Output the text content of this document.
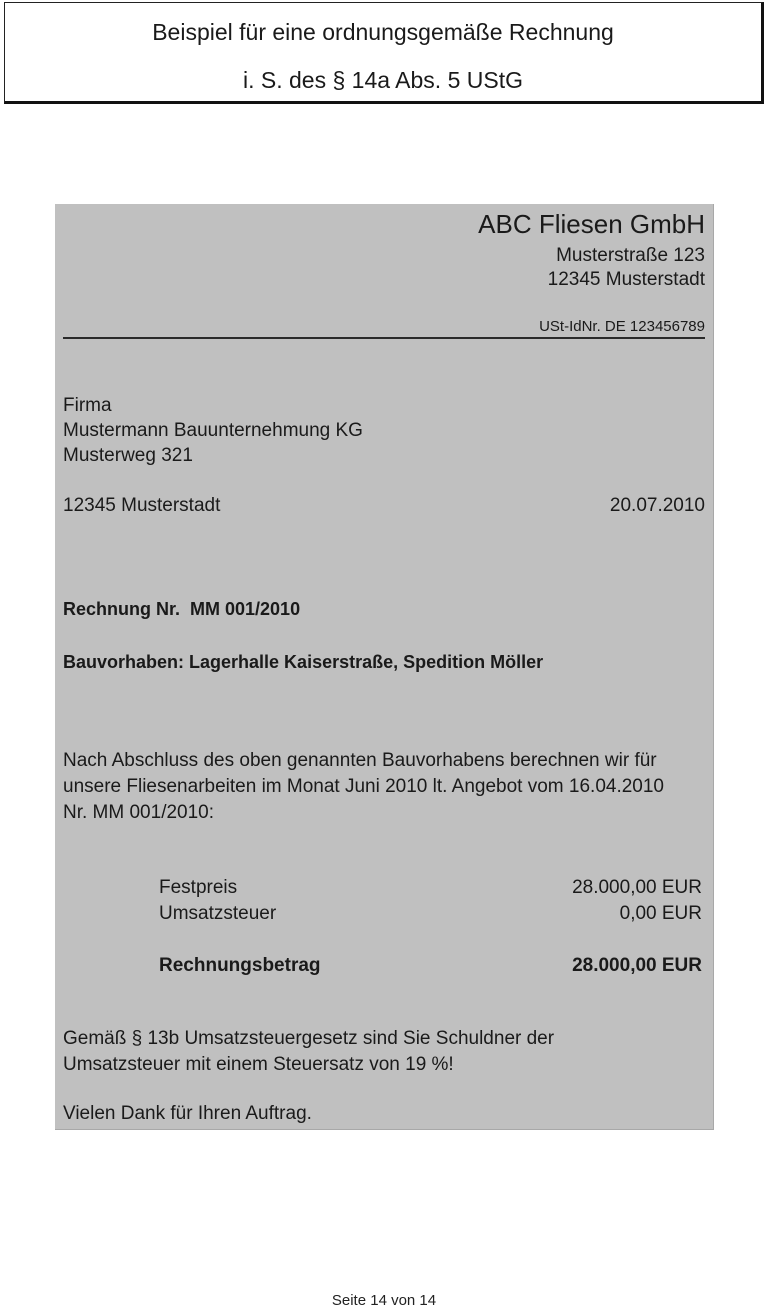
Beispiel für eine ordnungsgemäße Rechnung
i. S. des § 14a Abs. 5 UStG
ABC Fliesen GmbH
Musterstraße 123
12345 Musterstadt
USt-IdNr. DE 123456789
Firma
Mustermann Bauunternehmung KG
Musterweg 321
12345 Musterstadt	20.07.2010
Rechnung Nr.  MM 001/2010
Bauvorhaben: Lagerhalle Kaiserstraße, Spedition Möller
Nach Abschluss des oben genannten Bauvorhabens berechnen wir für
unsere Fliesenarbeiten im Monat Juni 2010 lt. Angebot vom 16.04.2010
Nr. MM 001/2010:
Festpreis	28.000,00 EUR
Umsatzsteuer	0,00 EUR
Rechnungsbetrag	28.000,00 EUR
Gemäß § 13b Umsatzsteuergesetz sind Sie Schuldner der
Umsatzsteuer mit einem Steuersatz von 19 %!
Vielen Dank für Ihren Auftrag.
Seite 14 von 14
